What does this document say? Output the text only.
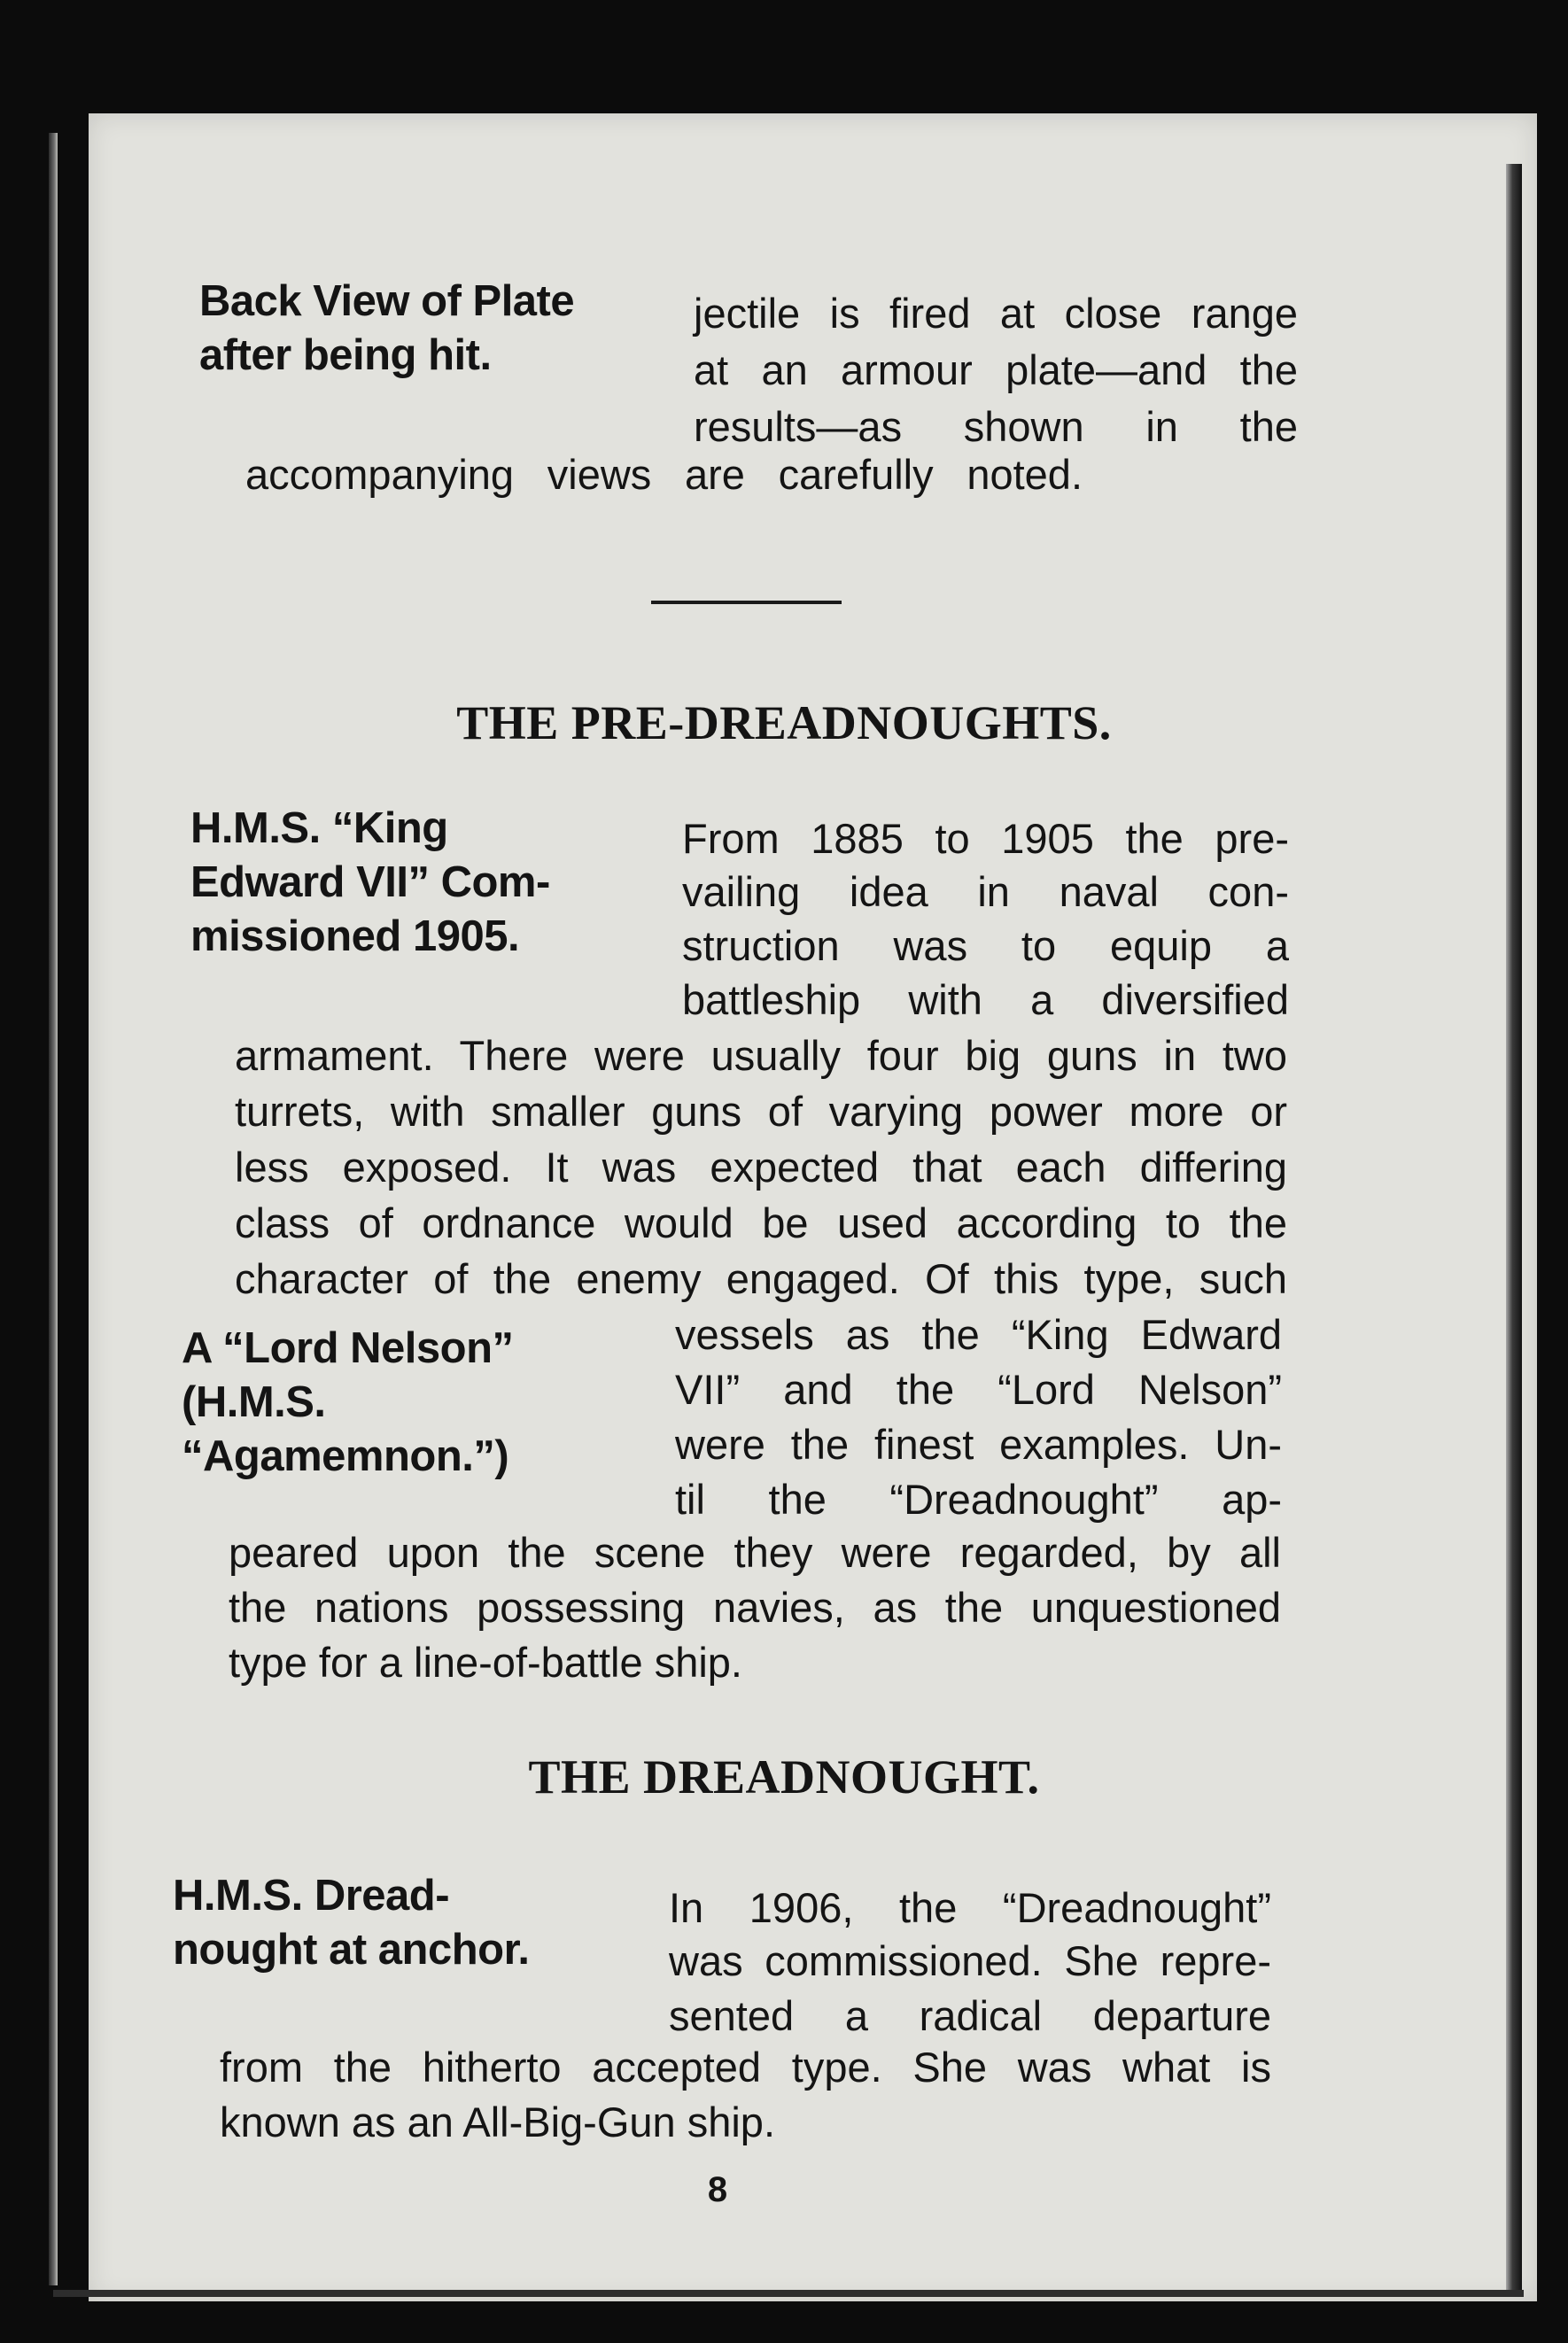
Back View of Plate
after being hit.
jectile is fired at close range
at an armour plate—and the
results—as shown in the
accompanying views are carefully noted.
THE PRE-DREADNOUGHTS.
H.M.S. “King
Edward VII” Com-
missioned 1905.
From 1885 to 1905 the pre-
vailing idea in naval con-
struction was to equip a
battleship with a diversified
armament. There were usually four big guns in two
turrets, with smaller guns of varying power more or
less exposed. It was expected that each differing
class of ordnance would be used according to the
character of the enemy engaged. Of this type, such
A “Lord Nelson”
(H.M.S.
“Agamemnon.”)
vessels as the “King Edward
VII” and the “Lord Nelson”
were the finest examples. Un-
til the “Dreadnought” ap-
peared upon the scene they were regarded, by all
the nations possessing navies, as the unquestioned
type for a line-of-battle ship.
THE DREADNOUGHT.
H.M.S. Dread-
nought at anchor.
In 1906, the “Dreadnought”
was commissioned. She repre-
sented a radical departure
from the hitherto accepted type. She was what is
known as an All-Big-Gun ship.
8
